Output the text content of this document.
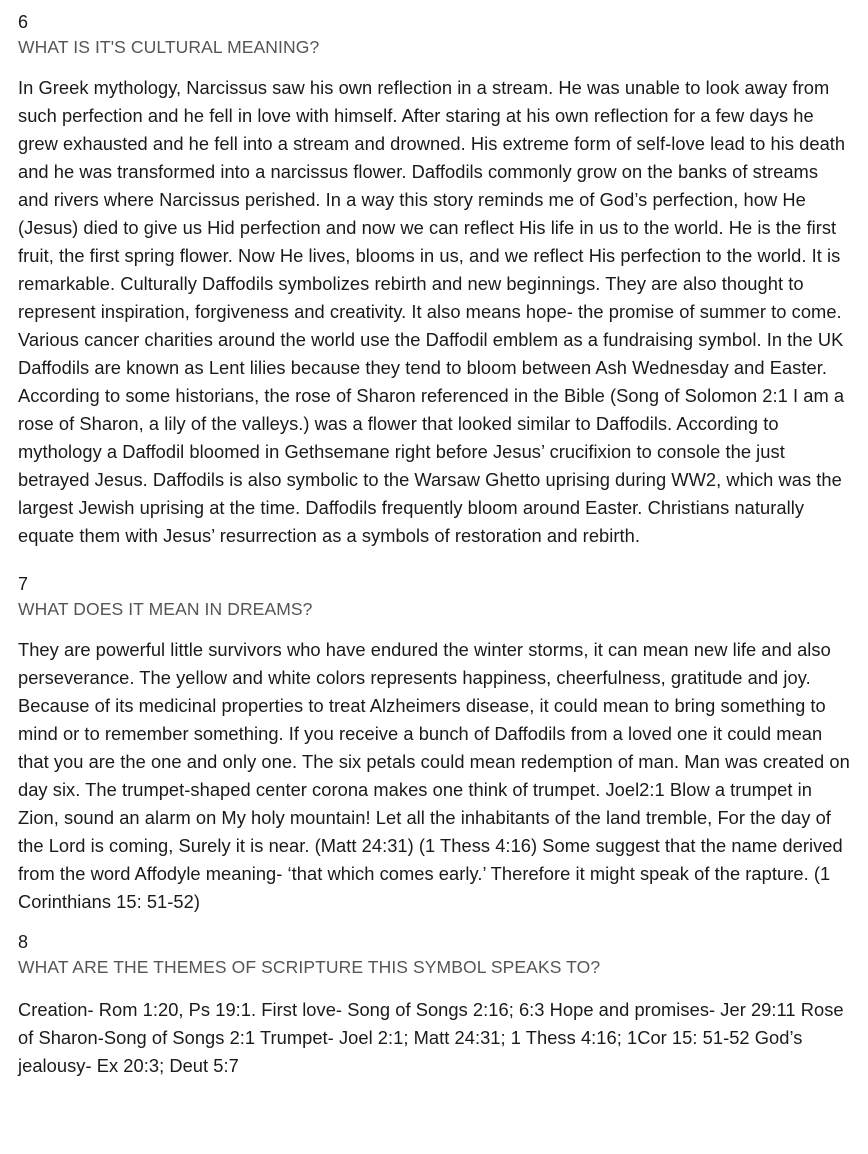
6
WHAT IS IT'S CULTURAL MEANING?

In Greek mythology, Narcissus saw his own reflection in a stream. He was unable to look away from such perfection and he fell in love with himself. After staring at his own reflection for a few days he grew exhausted and he fell into a stream and drowned. His extreme form of self-love lead to his death and he was transformed into a narcissus flower. Daffodils commonly grow on the banks of streams and rivers where Narcissus perished. In a way this story reminds me of God’s perfection, how He (Jesus) died to give us Hid perfection and now we can reflect His life in us to the world. He is the first fruit, the first spring flower. Now He lives, blooms in us, and we reflect His perfection to the world. It is remarkable. Culturally Daffodils symbolizes rebirth and new beginnings. They are also thought to represent inspiration, forgiveness and creativity. It also means hope- the promise of summer to come. Various cancer charities around the world use the Daffodil emblem as a fundraising symbol. In the UK Daffodils are known as Lent lilies because they tend to bloom between Ash Wednesday and Easter. According to some historians, the rose of Sharon referenced in the Bible (Song of Solomon 2:1 I am a rose of Sharon, a lily of the valleys.) was a flower that looked similar to Daffodils. According to mythology a Daffodil bloomed in Gethsemane right before Jesus’ crucifixion to console the just betrayed Jesus. Daffodils is also symbolic to the Warsaw Ghetto uprising during WW2, which was the largest Jewish uprising at the time. Daffodils frequently bloom around Easter. Christians naturally equate them with Jesus’ resurrection as a symbols of restoration and rebirth.

7
WHAT DOES IT MEAN IN DREAMS?

They are powerful little survivors who have endured the winter storms, it can mean new life and also perseverance. The yellow and white colors represents happiness, cheerfulness, gratitude and joy. Because of its medicinal properties to treat Alzheimers disease, it could mean to bring something to mind or to remember something. If you receive a bunch of Daffodils from a loved one it could mean that you are the one and only one. The six petals could mean redemption of man. Man was created on day six. The trumpet-shaped center corona makes one think of trumpet. Joel2:1 Blow a trumpet in Zion, sound an alarm on My holy mountain! Let all the inhabitants of the land tremble, For the day of the Lord is coming, Surely it is near. (Matt 24:31) (1 Thess 4:16) Some suggest that the name derived from the word Affodyle meaning- ‘that which comes early.’ Therefore it might speak of the rapture. (1 Corinthians 15: 51-52)

8
WHAT ARE THE THEMES OF SCRIPTURE THIS SYMBOL SPEAKS TO?

Creation- Rom 1:20, Ps 19:1. First love- Song of Songs 2:16; 6:3 Hope and promises- Jer 29:11 Rose of Sharon-Song of Songs 2:1 Trumpet- Joel 2:1; Matt 24:31; 1 Thess 4:16; 1Cor 15: 51-52 God’s jealousy- Ex 20:3; Deut 5:7
